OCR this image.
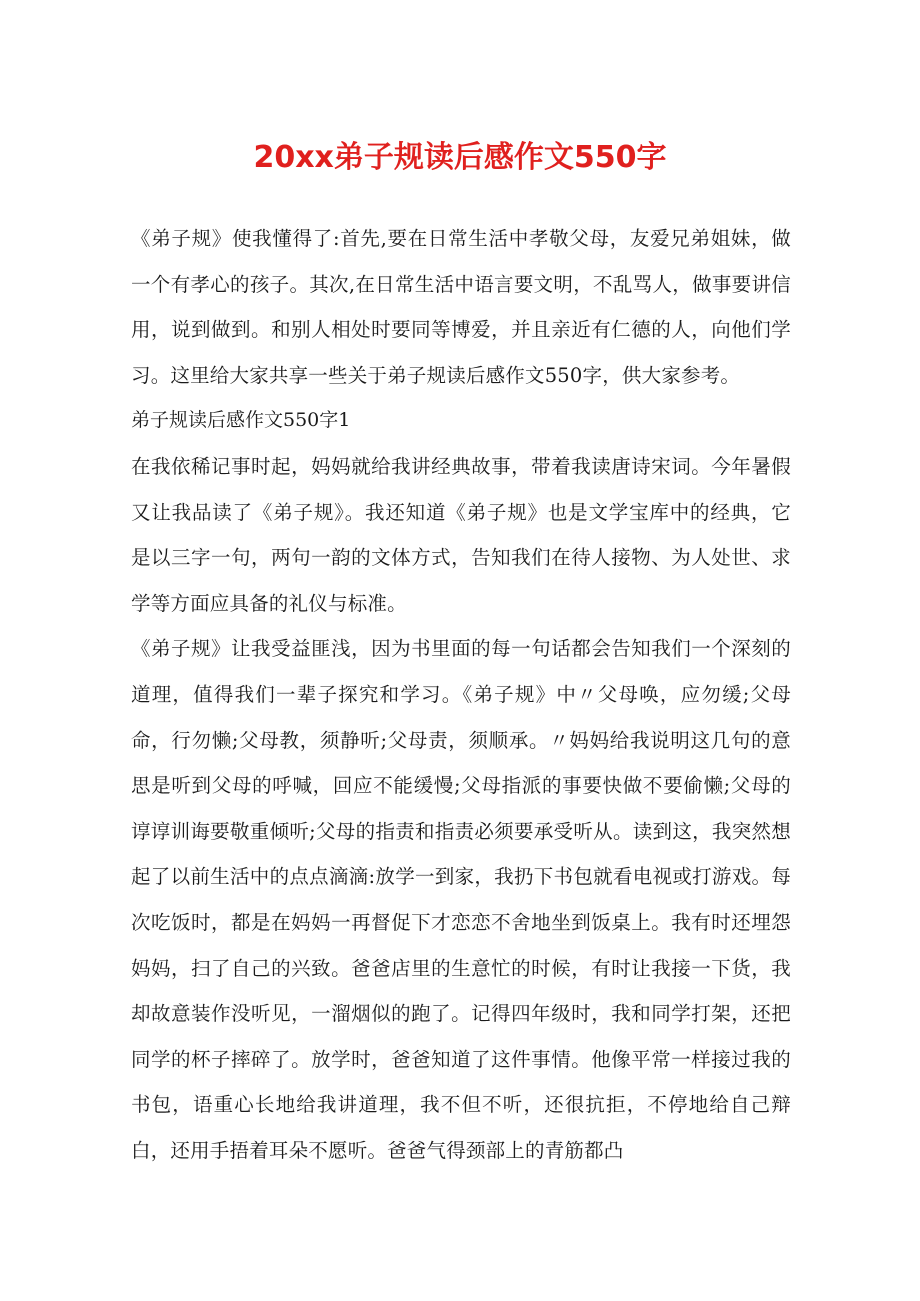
20xx弟子规读后感作文550字

《弟子规》使我懂得了:首先,要在日常生活中孝敬父母，友爱兄弟姐妹，做一个有孝心的孩子。其次,在日常生活中语言要文明，不乱骂人，做事要讲信用，说到做到。和别人相处时要同等博爱，并且亲近有仁德的人，向他们学习。这里给大家共享一些关于弟子规读后感作文550字，供大家参考。

弟子规读后感作文550字1

在我依稀记事时起，妈妈就给我讲经典故事，带着我读唐诗宋词。今年暑假又让我品读了《弟子规》。我还知道《弟子规》也是文学宝库中的经典，它是以三字一句，两句一韵的文体方式，告知我们在待人接物、为人处世、求学等方面应具备的礼仪与标准。

《弟子规》让我受益匪浅，因为书里面的每一句话都会告知我们一个深刻的道理，值得我们一辈子探究和学习。《弟子规》中〃父母唤，应勿缓;父母命，行勿懒;父母教，须静听;父母责，须顺承。〃妈妈给我说明这几句的意思是听到父母的呼喊，回应不能缓慢;父母指派的事要快做不要偷懒;父母的谆谆训诲要敬重倾听;父母的指责和指责必须要承受听从。读到这，我突然想起了以前生活中的点点滴滴:放学一到家，我扔下书包就看电视或打游戏。每次吃饭时，都是在妈妈一再督促下才恋恋不舍地坐到饭桌上。我有时还埋怨妈妈，扫了自己的兴致。爸爸店里的生意忙的时候，有时让我接一下货，我却故意装作没听见，一溜烟似的跑了。记得四年级时，我和同学打架，还把同学的杯子摔碎了。放学时，爸爸知道了这件事情。他像平常一样接过我的书包，语重心长地给我讲道理，我不但不听，还很抗拒，不停地给自己辩白，还用手捂着耳朵不愿听。爸爸气得颈部上的青筋都凸
